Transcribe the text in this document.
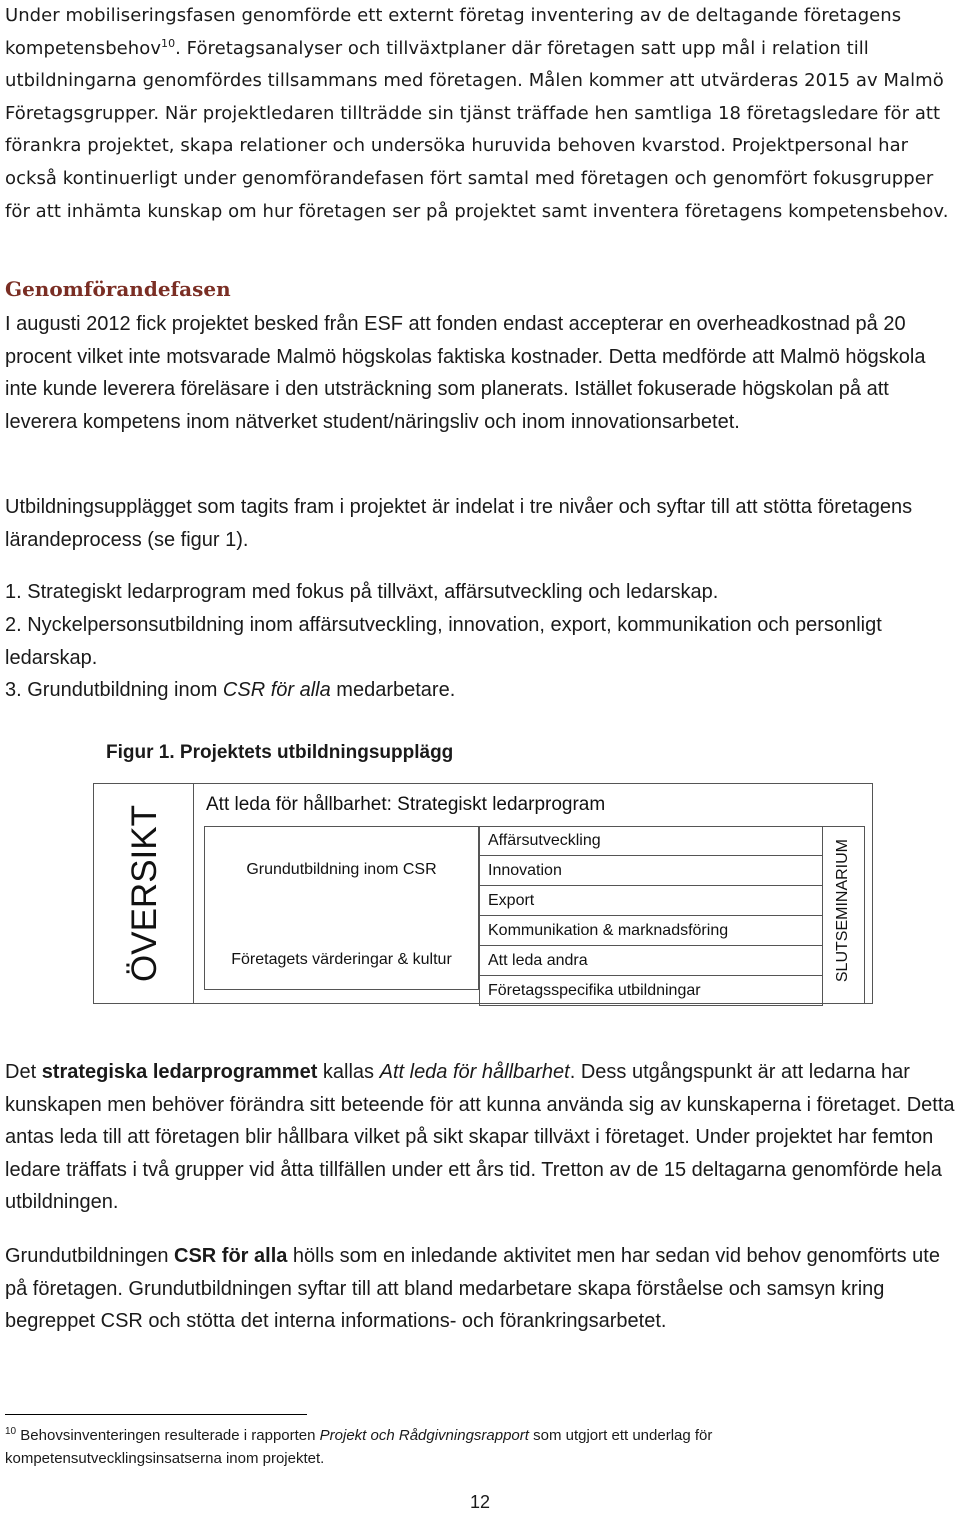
Under mobiliseringsfasen genomförde ett externt företag inventering av de deltagande företagens kompetensbehov$^{10}$. Företagsanalyser och tillväxtplaner där företagen satt upp mål i relation till utbildningarna genomfördes tillsammans med företagen. Målen kommer att utvärderas 2015 av Malmö Företagsgrupper. När projektledaren tillträdde sin tjänst träffade hen samtliga 18 företagsledare för att förankra projektet, skapa relationer och undersöka huruvida behoven kvarstod. Projektpersonal har också kontinuerligt under genomförandefasen fört samtal med företagen och genomfört fokusgrupper för att inhämta kunskap om hur företagen ser på projektet samt inventera företagens kompetensbehov.

Genomförandefasen

I augusti 2012 fick projektet besked från ESF att fonden endast accepterar en overheadkostnad på 20 procent vilket inte motsvarade Malmö högskolas faktiska kostnader. Detta medförde att Malmö högskola inte kunde leverera föreläsare i den utsträckning som planerats. Istället fokuserade högskolan på att leverera kompetens inom nätverket student/näringsliv och inom innovationsarbetet.

Utbildningsupplägget som tagits fram i projektet är indelat i tre nivåer och syftar till att stötta företagens lärandeprocess (se figur 1).

1. Strategiskt ledarprogram med fokus på tillväxt, affärsutveckling och ledarskap.

2. Nyckelpersonsutbildning inom affärsutveckling, innovation, export, kommunikation och personligt ledarskap.

3. Grundutbildning inom CSR för alla medarbetare.

Figur 1. Projektets utbildningsupplägg

ÖVERSIKT
Att leda för hållbarhet: Strategiskt ledarprogram
Grundutbildning inom CSR
Företagets värderingar & kultur
Affärsutveckling
Innovation
Export
Kommunikation & marknadsföring
Att leda andra
Företagsspecifika utbildningar
SLUTSEMINARIUM

Det strategiska ledarprogrammet kallas Att leda för hållbarhet. Dess utgångspunkt är att ledarna har kunskapen men behöver förändra sitt beteende för att kunna använda sig av kunskaperna i företaget. Detta antas leda till att företagen blir hållbara vilket på sikt skapar tillväxt i företaget. Under projektet har femton ledare träffats i två grupper vid åtta tillfällen under ett års tid. Tretton av de 15 deltagarna genomförde hela utbildningen.

Grundutbildningen CSR för alla hölls som en inledande aktivitet men har sedan vid behov genomförts ute på företagen. Grundutbildningen syftar till att bland medarbetare skapa förståelse och samsyn kring begreppet CSR och stötta det interna informations- och förankringsarbetet.

$^{10}$ Behovsinventeringen resulterade i rapporten Projekt och Rådgivningsrapport som utgjort ett underlag för kompetensutvecklingsinsatserna inom projektet.

12
